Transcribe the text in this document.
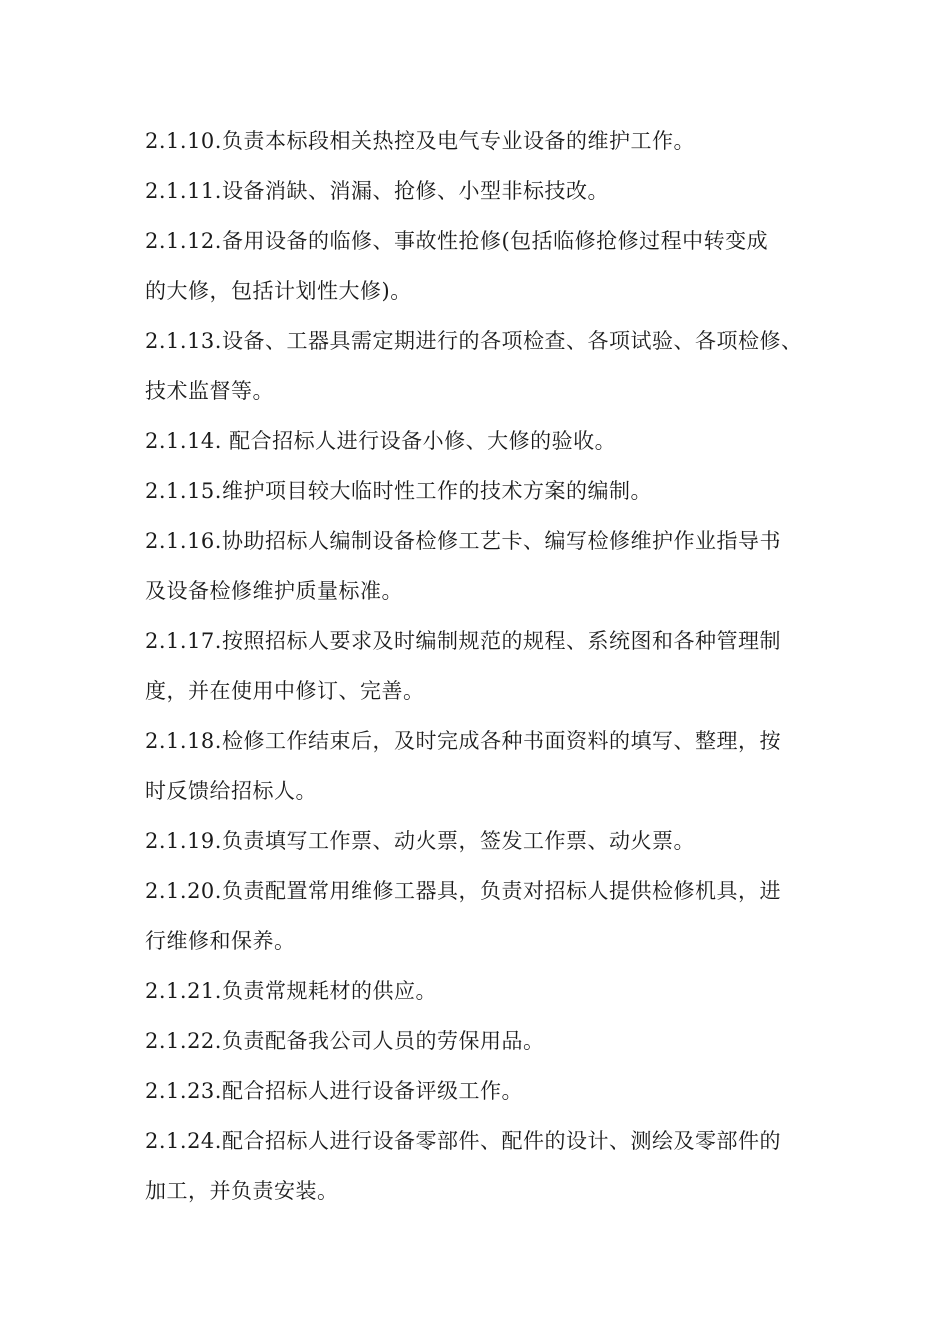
2.1.10.负责本标段相关热控及电气专业设备的维护工作。
2.1.11.设备消缺、消漏、抢修、小型非标技改。
2.1.12.备用设备的临修、事故性抢修(包括临修抢修过程中转变成
的大修，包括计划性大修)。
2.1.13.设备、工器具需定期进行的各项检查、各项试验、各项检修、
技术监督等。
2.1.14. 配合招标人进行设备小修、大修的验收。
2.1.15.维护项目较大临时性工作的技术方案的编制。
2.1.16.协助招标人编制设备检修工艺卡、编写检修维护作业指导书
及设备检修维护质量标准。
2.1.17.按照招标人要求及时编制规范的规程、系统图和各种管理制
度，并在使用中修订、完善。
2.1.18.检修工作结束后，及时完成各种书面资料的填写、整理，按
时反馈给招标人。
2.1.19.负责填写工作票、动火票，签发工作票、动火票。
2.1.20.负责配置常用维修工器具，负责对招标人提供检修机具，进
行维修和保养。
2.1.21.负责常规耗材的供应。
2.1.22.负责配备我公司人员的劳保用品。
2.1.23.配合招标人进行设备评级工作。
2.1.24.配合招标人进行设备零部件、配件的设计、测绘及零部件的
加工，并负责安装。
